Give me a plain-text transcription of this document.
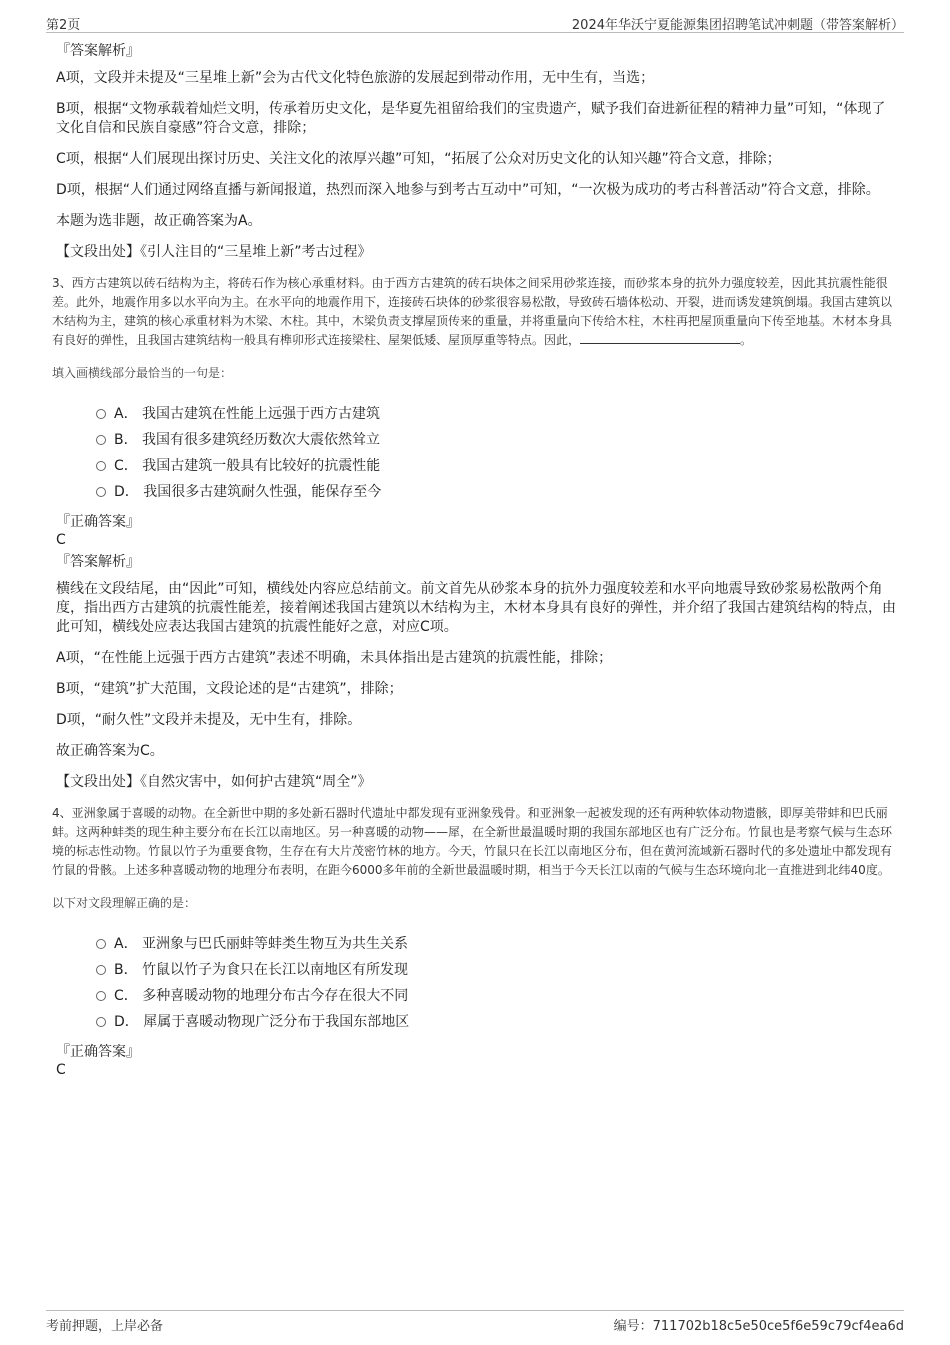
第2页	2024年华沃宁夏能源集团招聘笔试冲刺题（带答案解析）
『答案解析』

A项，文段并未提及“三星堆上新”会为古代文化特色旅游的发展起到带动作用，无中生有，当选；

B项，根据“文物承载着灿烂文明，传承着历史文化，是华夏先祖留给我们的宝贵遗产，赋予我们奋进新征程的精神力量”可知，“体现了文化自信和民族自豪感”符合文意，排除；

C项，根据“人们展现出探讨历史、关注文化的浓厚兴趣”可知，“拓展了公众对历史文化的认知兴趣”符合文意，排除；

D项，根据“人们通过网络直播与新闻报道，热烈而深入地参与到考古互动中”可知，“一次极为成功的考古科普活动”符合文意，排除。

本题为选非题，故正确答案为A。

【文段出处】《引人注目的“三星堆上新”考古过程》

3、西方古建筑以砖石结构为主，将砖石作为核心承重材料。由于西方古建筑的砖石块体之间采用砂浆连接，而砂浆本身的抗外力强度较差，因此其抗震性能很差。此外，地震作用多以水平向为主。在水平向的地震作用下，连接砖石块体的砂浆很容易松散，导致砖石墙体松动、开裂，进而诱发建筑倒塌。我国古建筑以木结构为主，建筑的核心承重材料为木梁、木柱。其中，木梁负责支撑屋顶传来的重量，并将重量向下传给木柱，木柱再把屋顶重量向下传至地基。木材本身具有良好的弹性，且我国古建筑结构一般具有榫卯形式连接梁柱、屋架低矮、屋顶厚重等特点。因此，	。

填入画横线部分最恰当的一句是：

A． 我国古建筑在性能上远强于西方古建筑
B． 我国有很多建筑经历数次大震依然耸立
C． 我国古建筑一般具有比较好的抗震性能
D． 我国很多古建筑耐久性强，能保存至今

『正确答案』

C

『答案解析』

横线在文段结尾，由“因此”可知，横线处内容应总结前文。前文首先从砂浆本身的抗外力强度较差和水平向地震导致砂浆易松散两个角度，指出西方古建筑的抗震性能差，接着阐述我国古建筑以木结构为主，木材本身具有良好的弹性，并介绍了我国古建筑结构的特点，由此可知，横线处应表达我国古建筑的抗震性能好之意，对应C项。

A项，“在性能上远强于西方古建筑”表述不明确，未具体指出是古建筑的抗震性能，排除；

B项，“建筑”扩大范围，文段论述的是“古建筑”，排除；

D项，“耐久性”文段并未提及，无中生有，排除。

故正确答案为C。

【文段出处】《自然灾害中，如何护古建筑“周全”》

4、亚洲象属于喜暖的动物。在全新世中期的多处新石器时代遗址中都发现有亚洲象残骨。和亚洲象一起被发现的还有两种软体动物遗骸，即厚美带蚌和巴氏丽蚌。这两种蚌类的现生种主要分布在长江以南地区。另一种喜暖的动物——犀，在全新世最温暖时期的我国东部地区也有广泛分布。竹鼠也是考察气候与生态环境的标志性动物。竹鼠以竹子为重要食物，生存在有大片茂密竹林的地方。今天，竹鼠只在长江以南地区分布，但在黄河流域新石器时代的多处遗址中都发现有竹鼠的骨骸。上述多种喜暖动物的地理分布表明，在距今6000多年前的全新世最温暖时期，相当于今天长江以南的气候与生态环境向北一直推进到北纬40度。

以下对文段理解正确的是：

A． 亚洲象与巴氏丽蚌等蚌类生物互为共生关系
B． 竹鼠以竹子为食只在长江以南地区有所发现
C． 多种喜暖动物的地理分布古今存在很大不同
D． 犀属于喜暖动物现广泛分布于我国东部地区

『正确答案』

C

考前押题，上岸必备	编号：711702b18c5e50ce5f6e59c79cf4ea6d
